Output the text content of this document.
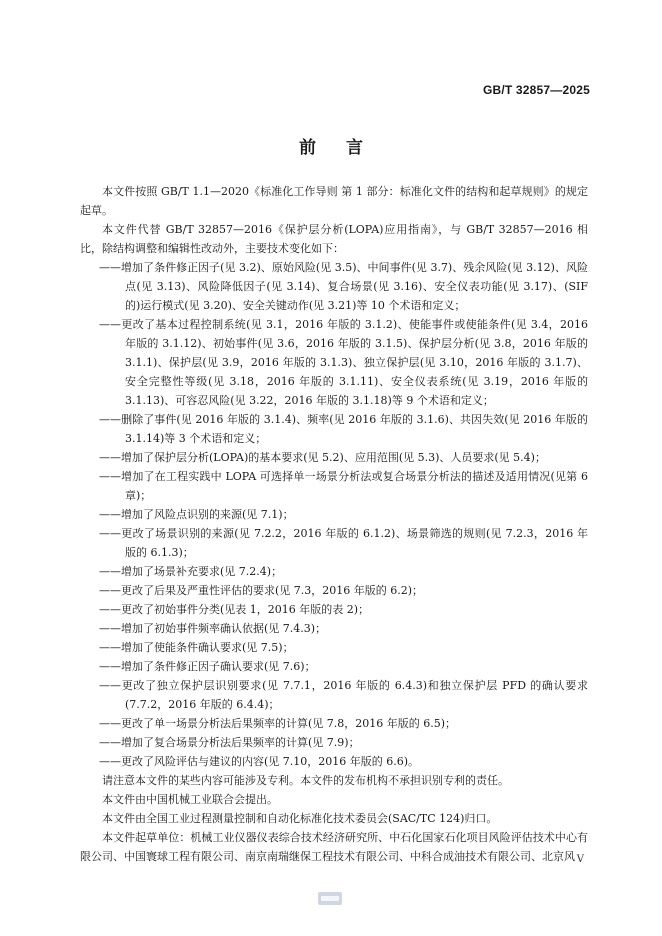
GB/T 32857—2025
前言

本文件按照 GB/T 1.1—2020《标准化工作导则 第 1 部分：标准化文件的结构和起草规则》的规定起草。

本文件代替 GB/T 32857—2016《保护层分析(LOPA)应用指南》，与 GB/T 32857—2016 相比，除结构调整和编辑性改动外，主要技术变化如下：

——增加了条件修正因子(见 3.2)、原始风险(见 3.5)、中间事件(见 3.7)、残余风险(见 3.12)、风险点(见 3.13)、风险降低因子(见 3.14)、复合场景(见 3.16)、安全仪表功能(见 3.17)、(SIF 的)运行模式(见 3.20)、安全关键动作(见 3.21)等 10 个术语和定义；

——更改了基本过程控制系统(见 3.1，2016 年版的 3.1.2)、使能事件或使能条件(见 3.4，2016 年版的 3.1.12)、初始事件(见 3.6，2016 年版的 3.1.5)、保护层分析(见 3.8，2016 年版的 3.1.1)、保护层(见 3.9，2016 年版的 3.1.3)、独立保护层(见 3.10，2016 年版的 3.1.7)、安全完整性等级(见 3.18，2016 年版的 3.1.11)、安全仪表系统(见 3.19，2016 年版的 3.1.13)、可容忍风险(见 3.22，2016 年版的 3.1.18)等 9 个术语和定义；

——删除了事件(见 2016 年版的 3.1.4)、频率(见 2016 年版的 3.1.6)、共因失效(见 2016 年版的 3.1.14)等 3 个术语和定义；

——增加了保护层分析(LOPA)的基本要求(见 5.2)、应用范围(见 5.3)、人员要求(见 5.4)；

——增加了在工程实践中 LOPA 可选择单一场景分析法或复合场景分析法的描述及适用情况(见第 6 章)；

——增加了风险点识别的来源(见 7.1)；

——更改了场景识别的来源(见 7.2.2，2016 年版的 6.1.2)、场景筛选的规则(见 7.2.3，2016 年版的 6.1.3)；

——增加了场景补充要求(见 7.2.4)；

——更改了后果及严重性评估的要求(见 7.3，2016 年版的 6.2)；

——更改了初始事件分类(见表 1，2016 年版的表 2)；

——增加了初始事件频率确认依据(见 7.4.3)；

——增加了使能条件确认要求(见 7.5)；

——增加了条件修正因子确认要求(见 7.6)；

——更改了独立保护层识别要求(见 7.7.1，2016 年版的 6.4.3)和独立保护层 PFD 的确认要求(7.7.2，2016 年版的 6.4.4)；

——更改了单一场景分析法后果频率的计算(见 7.8，2016 年版的 6.5)；

——增加了复合场景分析法后果频率的计算(见 7.9)；

——更改了风险评估与建议的内容(见 7.10，2016 年版的 6.6)。

请注意本文件的某些内容可能涉及专利。本文件的发布机构不承担识别专利的责任。

本文件由中国机械工业联合会提出。

本文件由全国工业过程测量控制和自动化标准化技术委员会(SAC/TC 124)归口。

本文件起草单位：机械工业仪器仪表综合技术经济研究所、中石化国家石化项目风险评估技术中心有限公司、中国寰球工程有限公司、南京南瑞继保工程技术有限公司、中科合成油技术有限公司、北京风 V
